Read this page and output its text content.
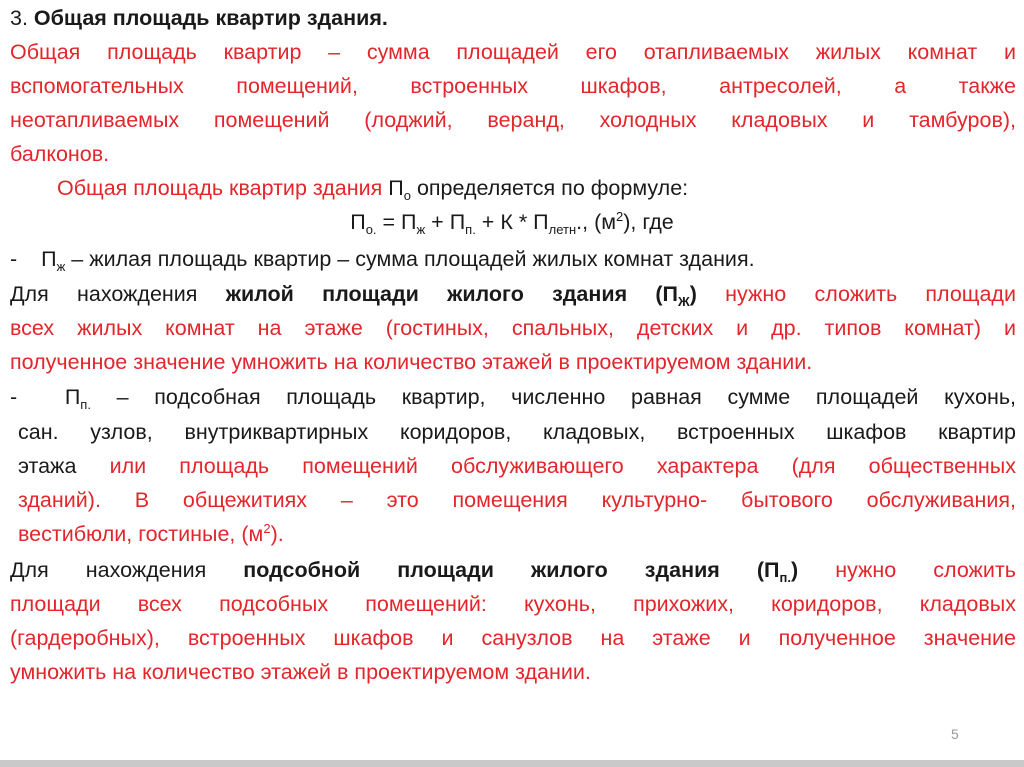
3. Общая площадь квартир здания.
Общая площадь квартир – сумма площадей его отапливаемых жилых комнат и
вспомогательных помещений, встроенных шкафов, антресолей, а также
неотапливаемых помещений (лоджий, веранд, холодных кладовых и тамбуров),
балконов.
Общая площадь квартир здания $П_о$ определяется по формуле:
$П_{о.} = П_ж + П_{п.} + К * П_{летн}$., $(м^2)$, где
- $П_ж$ – жилая площадь квартир – сумма площадей жилых комнат здания.
Для нахождения жилой площади жилого здания $(П_Ж)$ нужно сложить площади
всех жилых комнат на этаже (гостиных, спальных, детских и др. типов комнат) и
полученное значение умножить на количество этажей в проектируемом здании.
- $П_{п.}$ – подсобная площадь квартир, численно равная сумме площадей кухонь,
сан. узлов, внутриквартирных коридоров, кладовых, встроенных шкафов квартир
этажа или площадь помещений обслуживающего характера (для общественных
зданий). В общежитиях – это помещения культурно- бытового обслуживания,
вестибюли, гостиные, $(м^2)$.
Для нахождения подсобной площади жилого здания $(П_{п.})$ нужно сложить
площади всех подсобных помещений: кухонь, прихожих, коридоров, кладовых
(гардеробных), встроенных шкафов и санузлов на этаже и полученное значение
умножить на количество этажей в проектируемом здании.
5
